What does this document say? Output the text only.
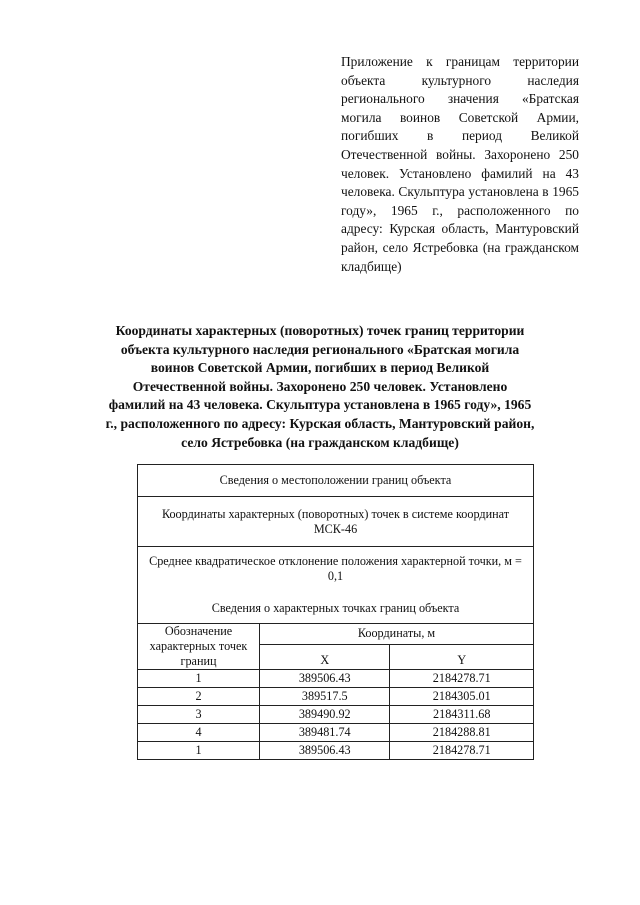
Приложение к границам территории объекта культурного наследия регионального значения «Братская могила воинов Советской Армии, погибших в период Великой Отечественной войны. Захоронено 250 человек. Установлено фамилий на 43 человека. Скульптура установлена в 1965 году», 1965 г., расположенного по адресу: Курская область, Мантуровский район, село Ястребовка (на гражданском кладбище)
Координаты характерных (поворотных) точек границ территории объекта культурного наследия регионального «Братская могила воинов Советской Армии, погибших в период Великой Отечественной войны. Захоронено 250 человек. Установлено фамилий на 43 человека. Скульптура установлена в 1965 году», 1965 г., расположенного по адресу: Курская область, Мантуровский район, село Ястребовка (на гражданском кладбище)
Сведения о местоположении границ объекта		
Координаты характерных (поворотных) точек в системе координат МСК-46		

Среднее квадратическое отклонение положения характерной точки, м = 0,1

Сведения о характерных точках границ объекта		

Обозначение характерных точек границ	Координаты, м	
	X	Y
1	389506.43	2184278.71
2	389517.5	2184305.01
3	389490.92	2184311.68
4	389481.74	2184288.81
1	389506.43	2184278.71
